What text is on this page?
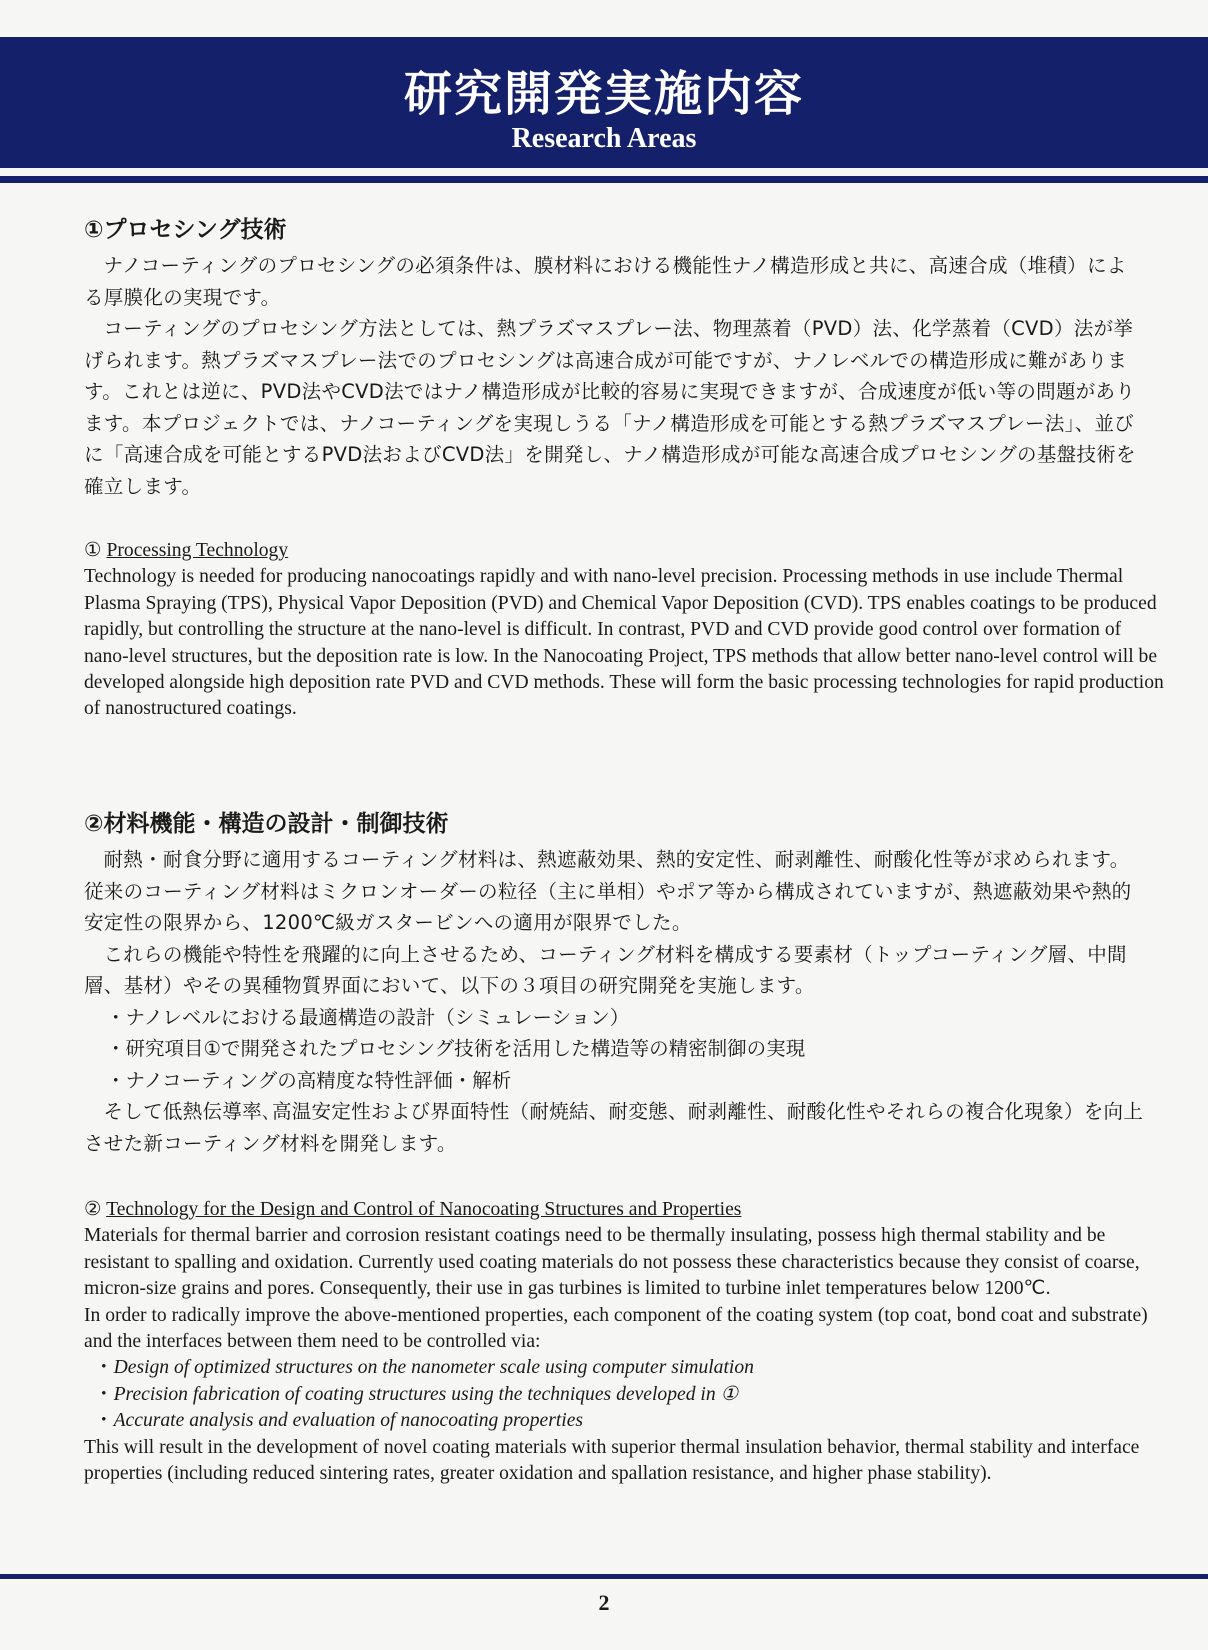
研究開発実施内容
Research Areas
①プロセシング技術

ナノコーティングのプロセシングの必須条件は、膜材料における機能性ナノ構造形成と共に、高速合成（堆積）による厚膜化の実現です。

コーティングのプロセシング方法としては、熱プラズマスプレー法、物理蒸着（PVD）法、化学蒸着（CVD）法が挙げられます。熱プラズマスプレー法でのプロセシングは高速合成が可能ですが、ナノレベルでの構造形成に難があります。これとは逆に、PVD法やCVD法ではナノ構造形成が比較的容易に実現できますが、合成速度が低い等の問題があります。本プロジェクトでは、ナノコーティングを実現しうる「ナノ構造形成を可能とする熱プラズマスプレー法」、並びに「高速合成を可能とするPVD法およびCVD法」を開発し、ナノ構造形成が可能な高速合成プロセシングの基盤技術を確立します。

① Processing Technology

Technology is needed for producing nanocoatings rapidly and with nano-level precision. Processing methods in use include Thermal Plasma Spraying (TPS), Physical Vapor Deposition (PVD) and Chemical Vapor Deposition (CVD). TPS enables coatings to be produced rapidly, but controlling the structure at the nano-level is difficult. In contrast, PVD and CVD provide good control over formation of nano-level structures, but the deposition rate is low. In the Nanocoating Project, TPS methods that allow better nano-level control will be developed alongside high deposition rate PVD and CVD methods. These will form the basic processing technologies for rapid production of nanostructured coatings.

②材料機能・構造の設計・制御技術

耐熱・耐食分野に適用するコーティング材料は、熱遮蔽効果、熱的安定性、耐剥離性、耐酸化性等が求められます。従来のコーティング材料はミクロンオーダーの粒径（主に単相）やポア等から構成されていますが、熱遮蔽効果や熱的安定性の限界から、1200℃級ガスタービンへの適用が限界でした。

これらの機能や特性を飛躍的に向上させるため、コーティング材料を構成する要素材（トップコーティング層、中間層、基材）やその異種物質界面において、以下の３項目の研究開発を実施します。

・ ナノレベルにおける最適構造の設計（シミュレーション）
・ 研究項目①で開発されたプロセシング技術を活用した構造等の精密制御の実現
・ ナノコーティングの高精度な特性評価・解析

そして低熱伝導率､高温安定性および界面特性（耐焼結、耐変態、耐剥離性、耐酸化性やそれらの複合化現象）を向上させた新コーティング材料を開発します。

② Technology for the Design and Control of Nanocoating Structures and Properties

Materials for thermal barrier and corrosion resistant coatings need to be thermally insulating, possess high thermal stability and be resistant to spalling and oxidation. Currently used coating materials do not possess these characteristics because they consist of coarse, micron-size grains and pores. Consequently, their use in gas turbines is limited to turbine inlet temperatures below 1200℃.

In order to radically improve the above-mentioned properties, each component of the coating system (top coat, bond coat and substrate) and the interfaces between them need to be controlled via:

・ Design of optimized structures on the nanometer scale using computer simulation
・ Precision fabrication of coating structures using the techniques developed in ①
・ Accurate analysis and evaluation of nanocoating properties

This will result in the development of novel coating materials with superior thermal insulation behavior, thermal stability and interface properties (including reduced sintering rates, greater oxidation and spallation resistance, and higher phase stability).

2
